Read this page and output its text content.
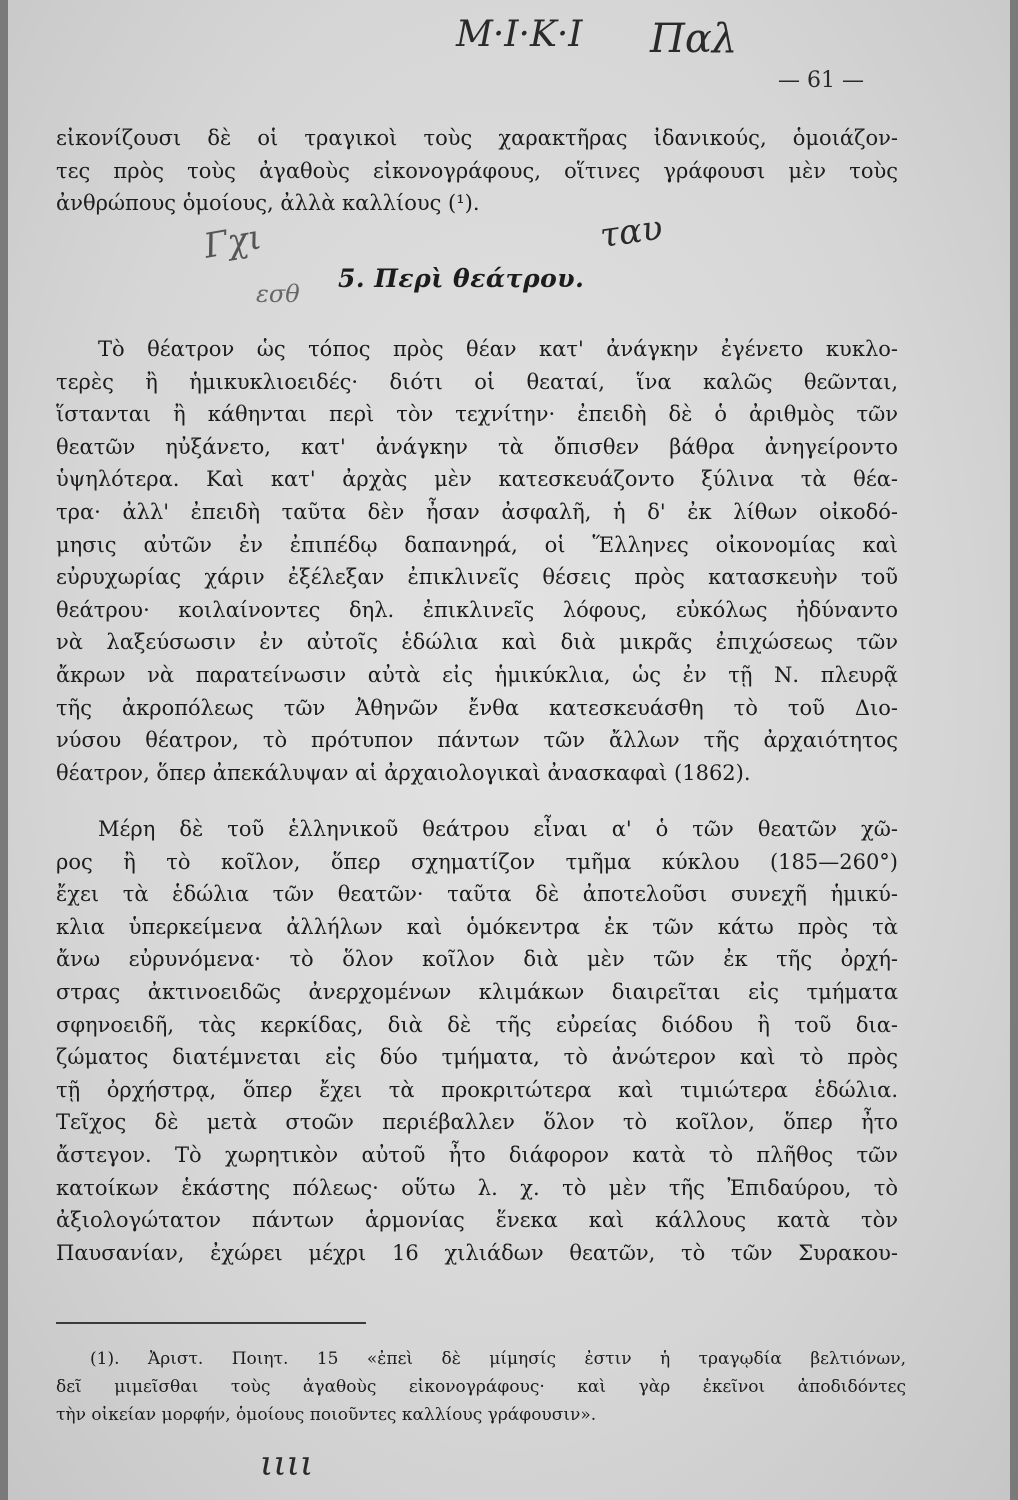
Μ·Ι·Κ·Ι Παλ
Γχι
εσθ
ταυ
— 61 —
εἰκονίζουσι δὲ οἱ τραγικοὶ τοὺς χαρακτῆρας ἰδανικούς, ὁμοιάζον-
τες πρὸς τοὺς ἀγαθοὺς εἰκονογράφους, οἵτινες γράφουσι μὲν τοὺς
ἀνθρώπους ὁμοίους, ἀλλὰ καλλίους (¹).
5. Περὶ θεάτρου.
Τὸ θέατρον ὡς τόπος πρὸς θέαν κατ' ἀνάγκην ἐγένετο κυκλο-
τερὲς ἢ ἡμικυκλιοειδές· διότι οἱ θεαταί, ἵνα καλῶς θεῶνται,
ἵστανται ἢ κάθηνται περὶ τὸν τεχνίτην· ἐπειδὴ δὲ ὁ ἀριθμὸς τῶν
θεατῶν ηὐξάνετο, κατ' ἀνάγκην τὰ ὄπισθεν βάθρα ἀνηγείροντο
ὑψηλότερα. Καὶ κατ' ἀρχὰς μὲν κατεσκευάζοντο ξύλινα τὰ θέα-
τρα· ἀλλ' ἐπειδὴ ταῦτα δὲν ἦσαν ἀσφαλῆ, ἡ δ' ἐκ λίθων οἰκοδό-
μησις αὐτῶν ἐν ἐπιπέδῳ δαπανηρά, οἱ Ἕλληνες οἰκονομίας καὶ
εὐρυχωρίας χάριν ἐξέλεξαν ἐπικλινεῖς θέσεις πρὸς κατασκευὴν τοῦ
θεάτρου· κοιλαίνοντες δηλ. ἐπικλινεῖς λόφους, εὐκόλως ἠδύναντο
νὰ λαξεύσωσιν ἐν αὐτοῖς ἑδώλια καὶ διὰ μικρᾶς ἐπιχώσεως τῶν
ἄκρων νὰ παρατείνωσιν αὐτὰ εἰς ἡμικύκλια, ὡς ἐν τῇ Ν. πλευρᾷ
τῆς ἀκροπόλεως τῶν Ἀθηνῶν ἔνθα κατεσκευάσθη τὸ τοῦ Διο-
νύσου θέατρον, τὸ πρότυπον πάντων τῶν ἄλλων τῆς ἀρχαιότητος
θέατρον, ὅπερ ἀπεκάλυψαν αἱ ἀρχαιολογικαὶ ἀνασκαφαὶ (1862).
Μέρη δὲ τοῦ ἑλληνικοῦ θεάτρου εἶναι α' ὁ τῶν θεατῶν χῶ-
ρος ἢ τὸ κοῖλον, ὅπερ σχηματίζον τμῆμα κύκλου (185—260°)
ἔχει τὰ ἑδώλια τῶν θεατῶν· ταῦτα δὲ ἀποτελοῦσι συνεχῆ ἡμικύ-
κλια ὑπερκείμενα ἀλλήλων καὶ ὁμόκεντρα ἐκ τῶν κάτω πρὸς τὰ
ἄνω εὐρυνόμενα· τὸ ὅλον κοῖλον διὰ μὲν τῶν ἐκ τῆς ὀρχή-
στρας ἀκτινοειδῶς ἀνερχομένων κλιμάκων διαιρεῖται εἰς τμήματα
σφηνοειδῆ, τὰς κερκίδας, διὰ δὲ τῆς εὐρείας διόδου ἢ τοῦ δια-
ζώματος διατέμνεται εἰς δύο τμήματα, τὸ ἀνώτερον καὶ τὸ πρὸς
τῇ ὀρχήστρᾳ, ὅπερ ἔχει τὰ προκριτώτερα καὶ τιμιώτερα ἑδώλια.
Τεῖχος δὲ μετὰ στοῶν περιέβαλλεν ὅλον τὸ κοῖλον, ὅπερ ἦτο
ἄστεγον. Τὸ χωρητικὸν αὐτοῦ ἦτο διάφορον κατὰ τὸ πλῆθος τῶν
κατοίκων ἑκάστης πόλεως· οὕτω λ. χ. τὸ μὲν τῆς Ἐπιδαύρου, τὸ
ἀξιολογώτατον πάντων ἁρμονίας ἕνεκα καὶ κάλλους κατὰ τὸν
Παυσανίαν, ἐχώρει μέχρι 16 χιλιάδων θεατῶν, τὸ τῶν Συρακου-
(1). Ἀριστ. Ποιητ. 15 «ἐπεὶ δὲ μίμησίς ἐστιν ἡ τραγῳδία βελτιόνων,
δεῖ μιμεῖσθαι τοὺς ἀγαθοὺς εἰκονογράφους· καὶ γὰρ ἐκεῖνοι ἀποδιδόντες
τὴν οἰκείαν μορφήν, ὁμοίους ποιοῦντες καλλίους γράφουσιν».
ιιιι
